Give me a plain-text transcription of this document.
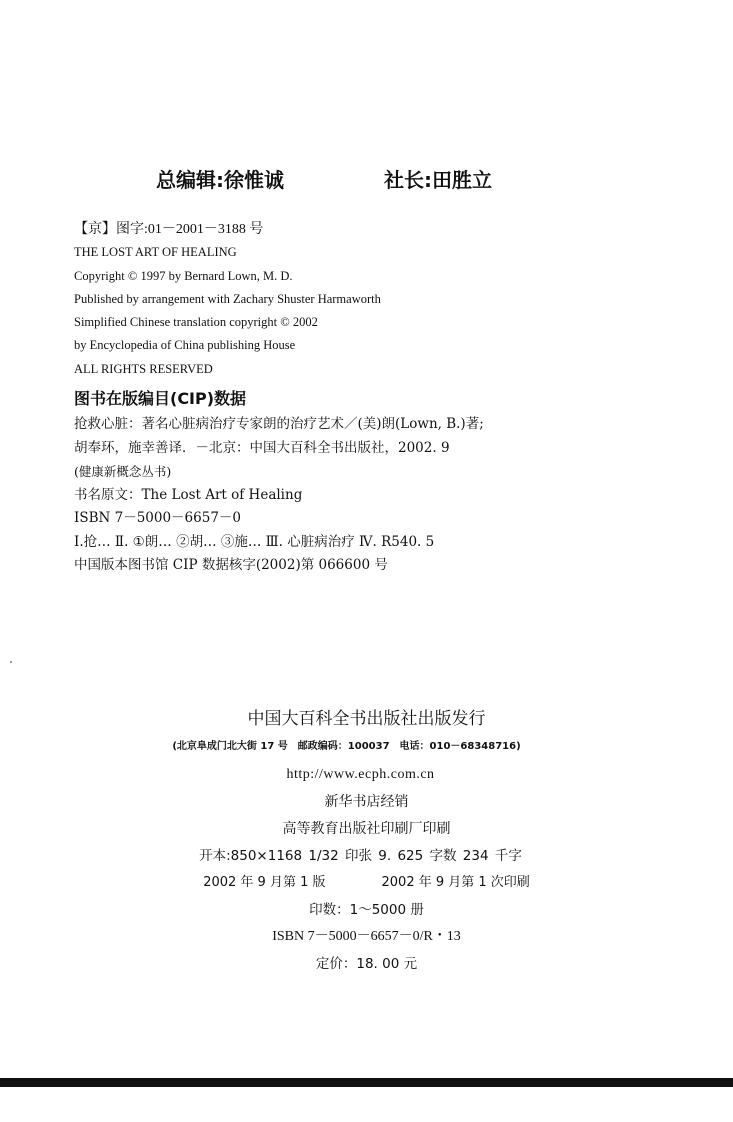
总编辑:徐惟诚	社长:田胜立
【京】图字:01－2001－3188 号
THE LOST ART OF HEALING
Copyright © 1997 by Bernard Lown, M. D.
Published by arrangement with Zachary Shuster Harmaworth
Simplified Chinese translation copyright © 2002
by Encyclopedia of China publishing House
ALL RIGHTS RESERVED
图书在版编目(CIP)数据
抢救心脏：著名心脏病治疗专家朗的治疗艺术／(美)朗(Lown, B.)著;
胡奉环，施幸善译．－北京：中国大百科全书出版社，2002. 9
(健康新概念丛书)
书名原文：The Lost Art of Healing
ISBN 7－5000－6657－0
Ⅰ.抢… Ⅱ. ①朗… ②胡… ③施… Ⅲ. 心脏病治疗 Ⅳ. R540. 5
中国版本图书馆 CIP 数据核字(2002)第 066600 号
中国大百科全书出版社出版发行
(北京阜成门北大街 17 号　邮政编码：100037　电话：010－68348716)
http://www.ecph.com.cn
新华书店经销
高等教育出版社印刷厂印刷
开本:850×1168 1/32 印张 9. 625 字数 234 千字
2002 年 9 月第 1 版	2002 年 9 月第 1 次印刷
印数：1～5000 册
ISBN 7－5000－6657－0/R・13
定价：18. 00 元
